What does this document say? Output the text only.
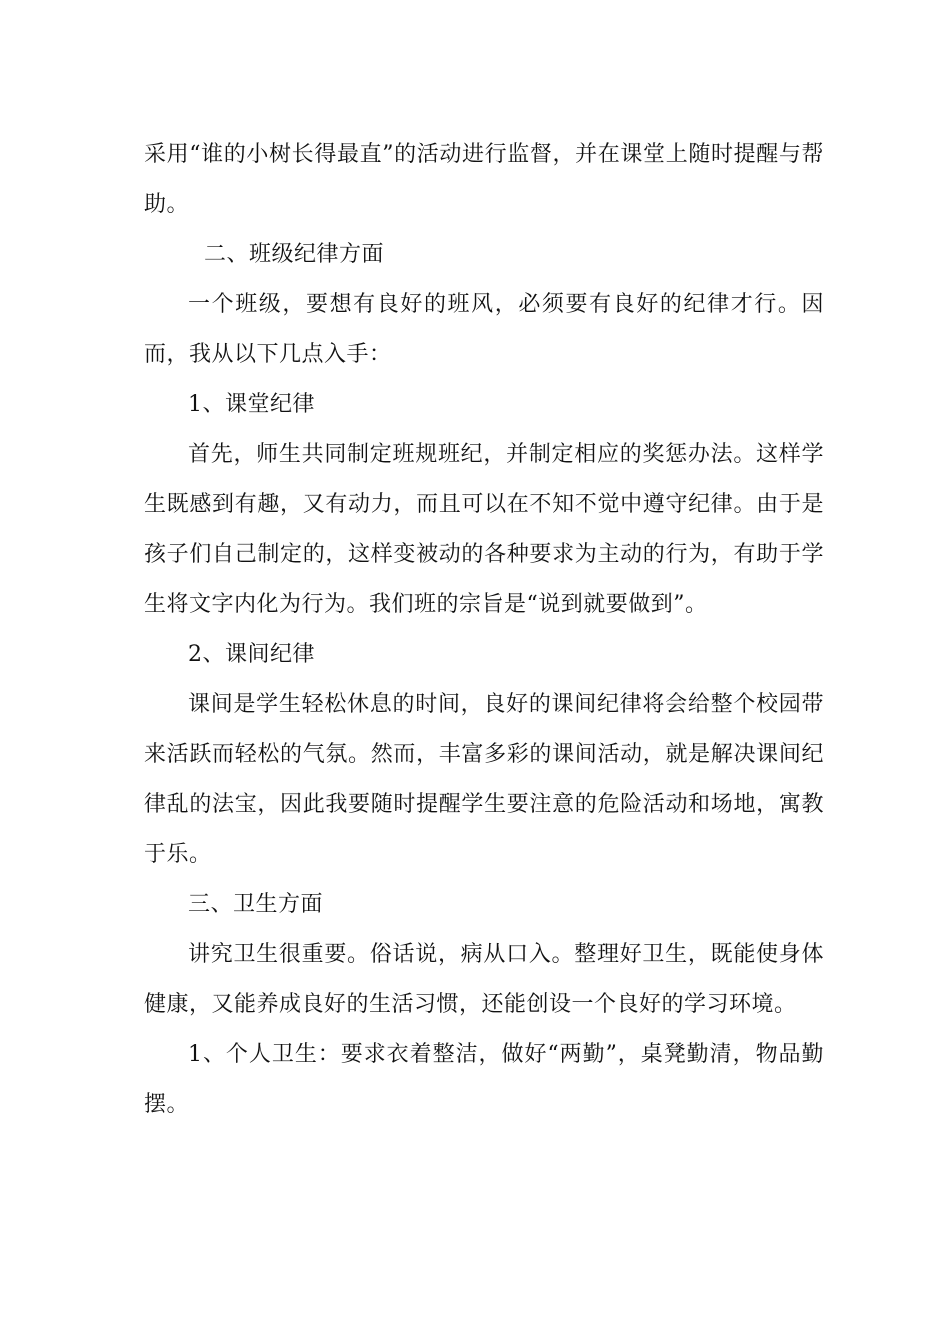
采用“谁的小树长得最直”的活动进行监督，并在课堂上随时提醒与帮助。

二、班级纪律方面

一个班级，要想有良好的班风，必须要有良好的纪律才行。因而，我从以下几点入手：

1、课堂纪律

首先，师生共同制定班规班纪，并制定相应的奖惩办法。这样学生既感到有趣，又有动力，而且可以在不知不觉中遵守纪律。由于是孩子们自己制定的，这样变被动的各种要求为主动的行为，有助于学生将文字内化为行为。我们班的宗旨是“说到就要做到”。

2、课间纪律

课间是学生轻松休息的时间，良好的课间纪律将会给整个校园带来活跃而轻松的气氛。然而，丰富多彩的课间活动，就是解决课间纪律乱的法宝，因此我要随时提醒学生要注意的危险活动和场地，寓教于乐。

三、卫生方面

讲究卫生很重要。俗话说，病从口入。整理好卫生，既能使身体健康，又能养成良好的生活习惯，还能创设一个良好的学习环境。

1、个人卫生：要求衣着整洁，做好“两勤”，桌凳勤清，物品勤摆。
